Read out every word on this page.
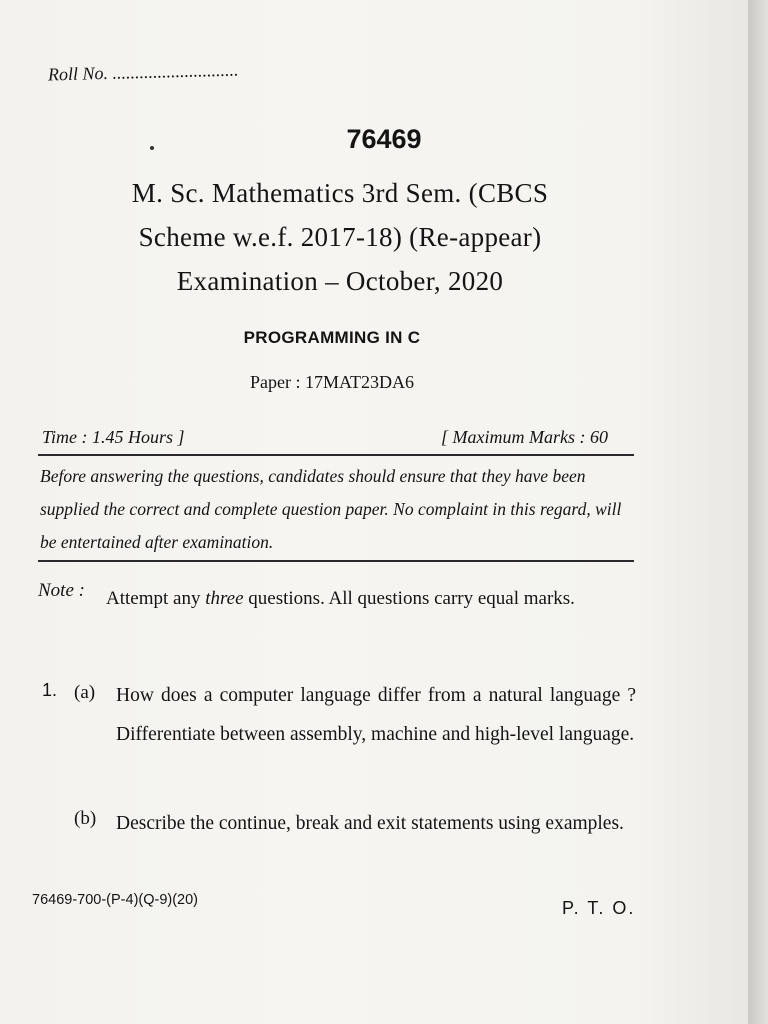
Roll No. ............................
76469
M. Sc. Mathematics 3rd Sem. (CBCS
Scheme w.e.f. 2017-18) (Re-appear)
Examination – October, 2020
PROGRAMMING IN C
Paper : 17MAT23DA6
Time : 1.45 Hours ]	[ Maximum Marks : 60
Before answering the questions, candidates should ensure that they have been supplied the correct and complete question paper. No complaint in this regard, will be entertained after examination.
Note : Attempt any three questions. All questions carry equal marks.
1. (a) How does a computer language differ from a natural language ? Differentiate between assembly, machine and high-level language.
(b) Describe the continue, break and exit statements using examples.
76469-700-(P-4)(Q-9)(20)	P. T. O.
